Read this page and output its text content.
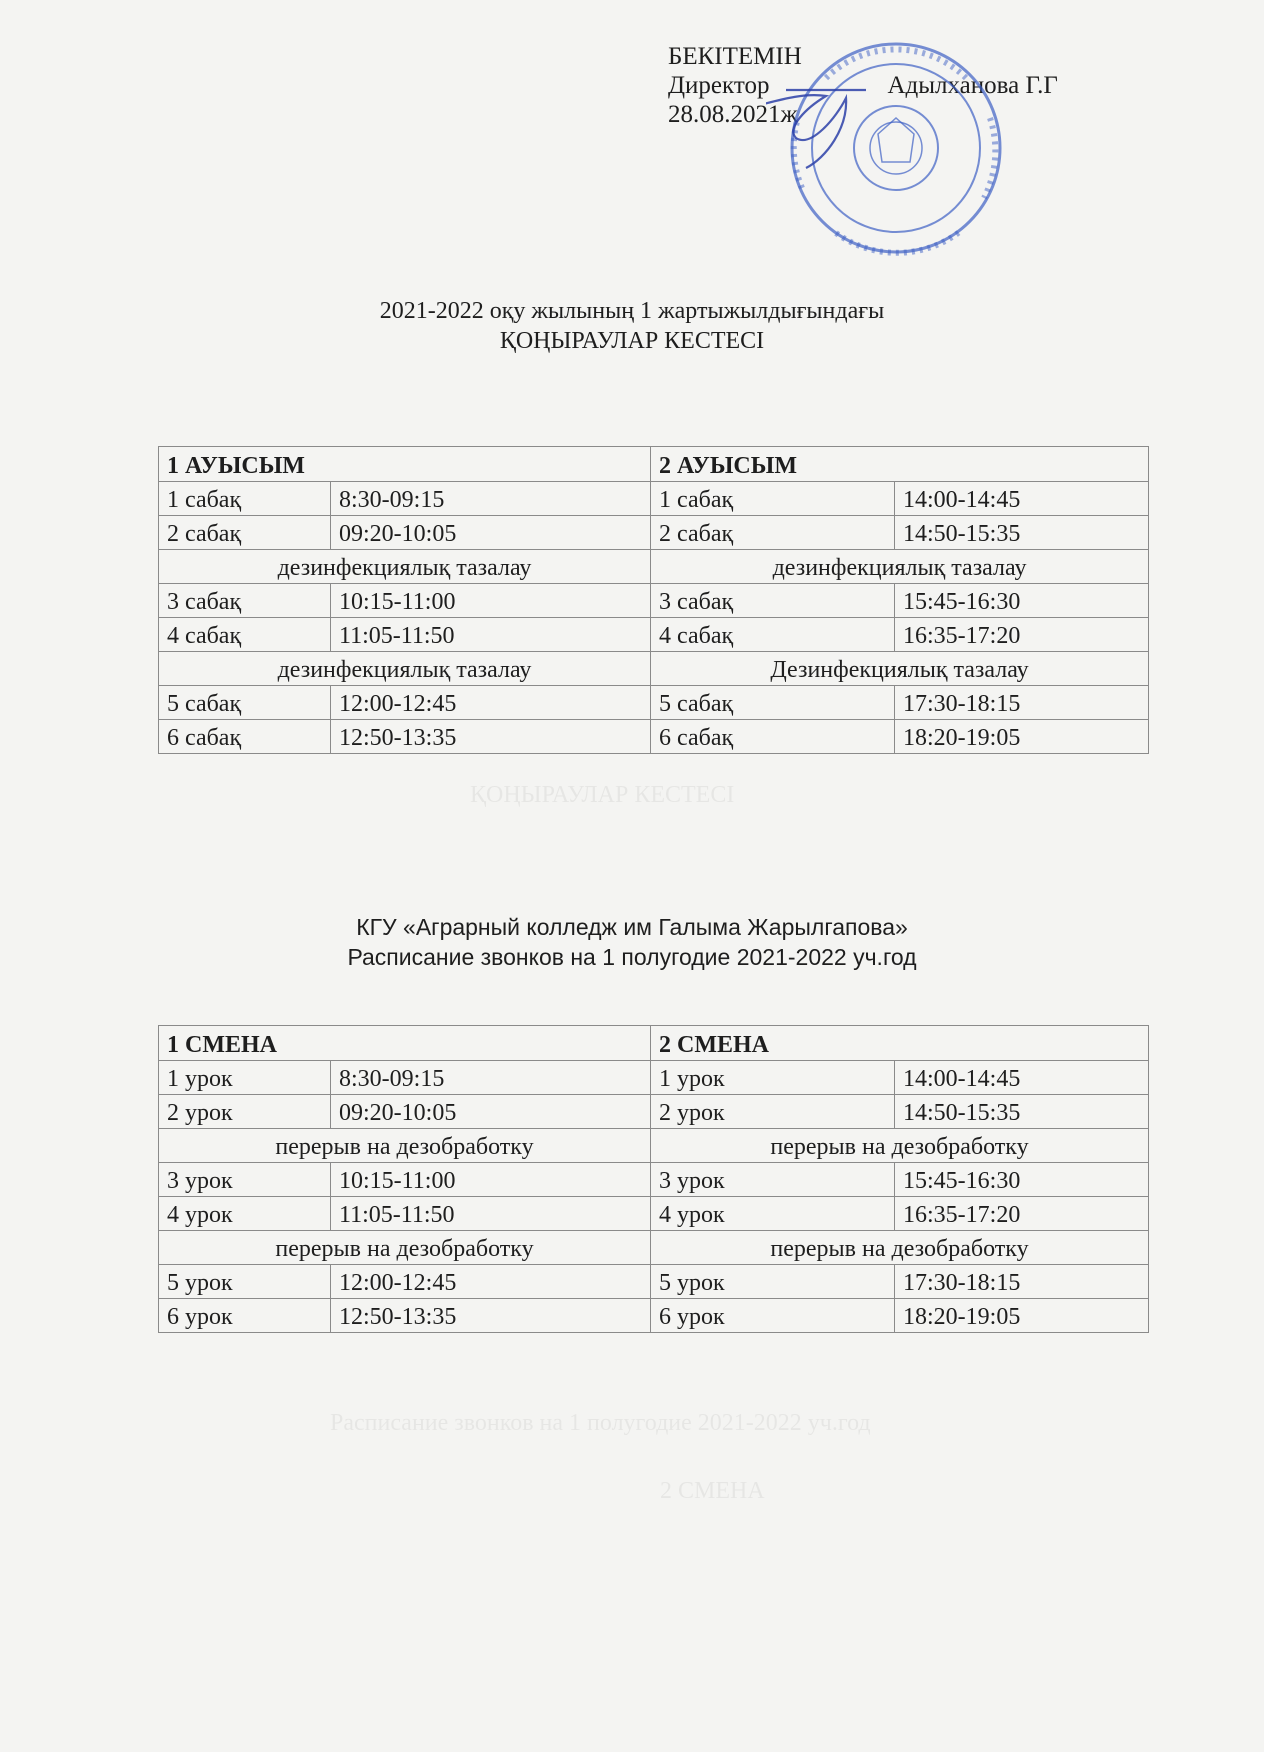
ҚОҢЫРАУЛАР КЕСТЕСІ
Расписание звонков на 1 полугодие 2021-2022 уч.год
2 СМЕНА
БЕКІТЕМІН
Директор	Адылханова Г.Г
28.08.2021ж
2021-2022 оқу жылының 1 жартыжылдығындағы
ҚОҢЫРАУЛАР КЕСТЕСІ
1 АУЫСЫМ		2 АУЫСЫМ	
1 сабақ	8:30-09:15	1 сабақ	14:00-14:45
2 сабақ	09:20-10:05	2 сабақ	14:50-15:35
дезинфекциялық тазалау		дезинфекциялық тазалау	
3 сабақ	10:15-11:00	3 сабақ	15:45-16:30
4 сабақ	11:05-11:50	4 сабақ	16:35-17:20
дезинфекциялық тазалау		Дезинфекциялық тазалау	
5 сабақ	12:00-12:45	5 сабақ	17:30-18:15
6 сабақ	12:50-13:35	6 сабақ	18:20-19:05
КГУ «Аграрный колледж им Галыма Жарылгапова»
Расписание звонков на 1 полугодие 2021-2022 уч.год
1 СМЕНА		2 СМЕНА	
1 урок	8:30-09:15	1 урок	14:00-14:45
2 урок	09:20-10:05	2 урок	14:50-15:35
перерыв на дезобработку		перерыв на дезобработку	
3 урок	10:15-11:00	3 урок	15:45-16:30
4 урок	11:05-11:50	4 урок	16:35-17:20
перерыв на дезобработку		перерыв на дезобработку	
5 урок	12:00-12:45	5 урок	17:30-18:15
6 урок	12:50-13:35	6 урок	18:20-19:05
